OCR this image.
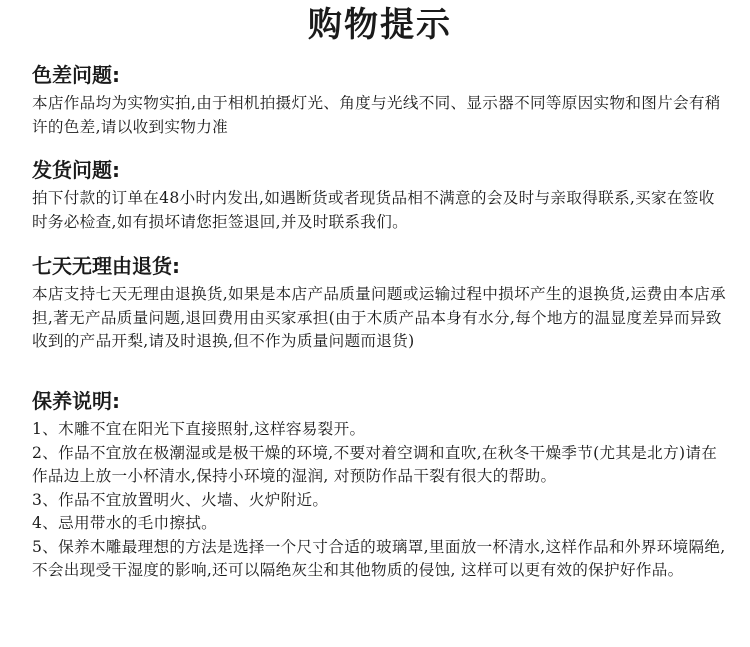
购物提示
色差问题:

本店作品均为实物实拍,由于相机拍摄灯光、角度与光线不同、显示器不同等原因实物和图片会有稍许的色差,请以收到实物力准

发货问题:

拍下付款的订单在48小时内发出,如遇断货或者现货品相不满意的会及时与亲取得联系,买家在签收时务必检查,如有损坏请您拒签退回,并及时联系我们。

七天无理由退货:

本店支持七天无理由退换货,如果是本店产品质量问题或运输过程中损坏产生的退换货,运费由本店承担,著无产品质量问题,退回费用由买家承担(由于木质产品本身有水分,每个地方的温显度差异而异致收到的产品开梨,请及时退换,但不作为质量问题而退货)

保养说明:
1、木雕不宜在阳光下直接照射,这样容易裂开。
2、作品不宜放在极潮湿或是极干燥的环境,不要对着空调和直吹,在秋冬干燥季节(尤其是北方)请在作品边上放一小杯清水,保持小环境的湿润, 对预防作品干裂有很大的帮助。
3、作品不宜放置明火、火墙、火炉附近。
4、忌用带水的毛巾擦拭。
5、保养木雕最理想的方法是选择一个尺寸合适的玻璃罩,里面放一杯清水,这样作品和外界环境隔绝,不会出现受干湿度的影响,还可以隔绝灰尘和其他物质的侵蚀, 这样可以更有效的保护好作品。
